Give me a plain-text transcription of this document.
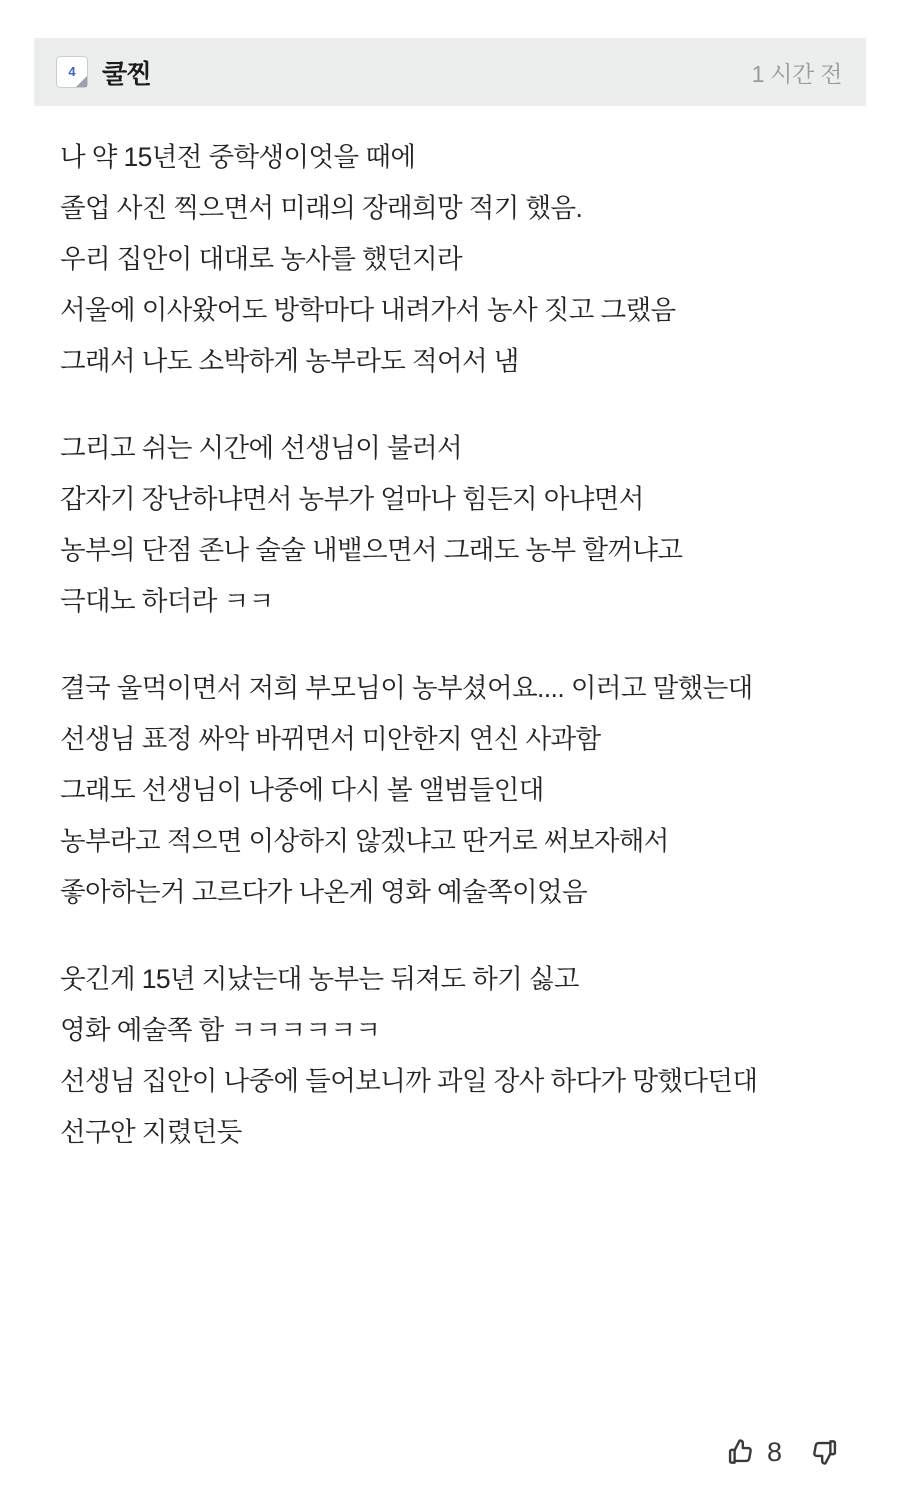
4 쿨찐	1 시간 전
나 약 15년전 중학생이엇을 때에
졸업 사진 찍으면서 미래의 장래희망 적기 했음.
우리 집안이 대대로 농사를 했던지라
서울에 이사왔어도 방학마다 내려가서 농사 짓고 그랬음
그래서 나도 소박하게 농부라도 적어서 냄
그리고 쉬는 시간에 선생님이 불러서
갑자기 장난하냐면서 농부가 얼마나 힘든지 아냐면서
농부의 단점 존나 술술 내뱉으면서 그래도 농부 할꺼냐고
극대노 하더라 ㅋㅋ
결국 울먹이면서 저희 부모님이 농부셨어요.... 이러고 말했는대
선생님 표정 싸악 바뀌면서 미안한지 연신 사과함
그래도 선생님이 나중에 다시 볼 앨범들인대
농부라고 적으면 이상하지 않겠냐고 딴거로 써보자해서
좋아하는거 고르다가 나온게 영화 예술쪽이었음
웃긴게 15년 지났는대 농부는 뒤져도 하기 싫고
영화 예술쪽 함 ㅋㅋㅋㅋㅋㅋ
선생님 집안이 나중에 들어보니까 과일 장사 하다가 망했다던대
선구안 지렸던듯
8
